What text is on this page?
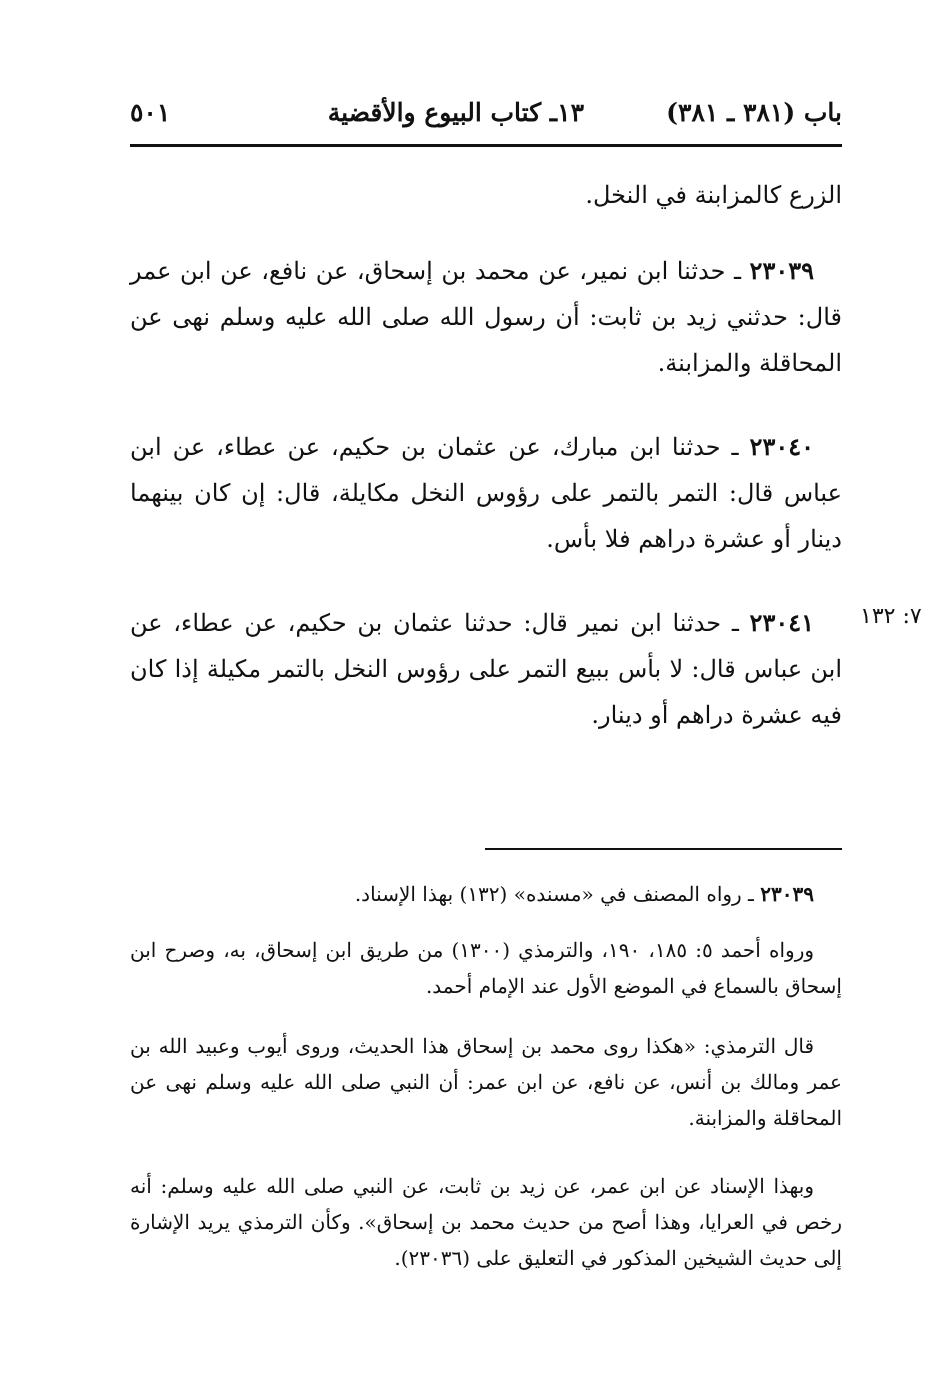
باب (٣٨١ ـ ٣٨١)
١٣ـ كتاب البيوع والأقضية
٥٠١
الزرع كالمزابنة في النخل.
٢٣٠٣٩ ـ حدثنا ابن نمير، عن محمد بن إسحاق، عن نافع، عن ابن عمر قال: حدثني زيد بن ثابت: أن رسول الله صلى الله عليه وسلم نهى عن المحاقلة والمزابنة.
٢٣٠٤٠ ـ حدثنا ابن مبارك، عن عثمان بن حكيم، عن عطاء، عن ابن عباس قال: التمر بالتمر على رؤوس النخل مكايلة، قال: إن كان بينهما دينار أو عشرة دراهم فلا بأس.
٧: ١٣٢
٢٣٠٤١ ـ حدثنا ابن نمير قال: حدثنا عثمان بن حكيم، عن عطاء، عن ابن عباس قال: لا بأس ببيع التمر على رؤوس النخل بالتمر مكيلة إذا كان فيه عشرة دراهم أو دينار.
٢٣٠٣٩ ـ رواه المصنف في «مسنده» (١٣٢) بهذا الإسناد.
ورواه أحمد ٥: ١٨٥، ١٩٠، والترمذي (١٣٠٠) من طريق ابن إسحاق، به، وصرح ابن إسحاق بالسماع في الموضع الأول عند الإمام أحمد.
قال الترمذي: «هكذا روى محمد بن إسحاق هذا الحديث، وروى أيوب وعبيد الله بن عمر ومالك بن أنس، عن نافع، عن ابن عمر: أن النبي صلى الله عليه وسلم نهى عن المحاقلة والمزابنة.
وبهذا الإسناد عن ابن عمر، عن زيد بن ثابت، عن النبي صلى الله عليه وسلم: أنه رخص في العرايا، وهذا أصح من حديث محمد بن إسحاق». وكأن الترمذي يريد الإشارة إلى حديث الشيخين المذكور في التعليق على (٢٣٠٣٦).
